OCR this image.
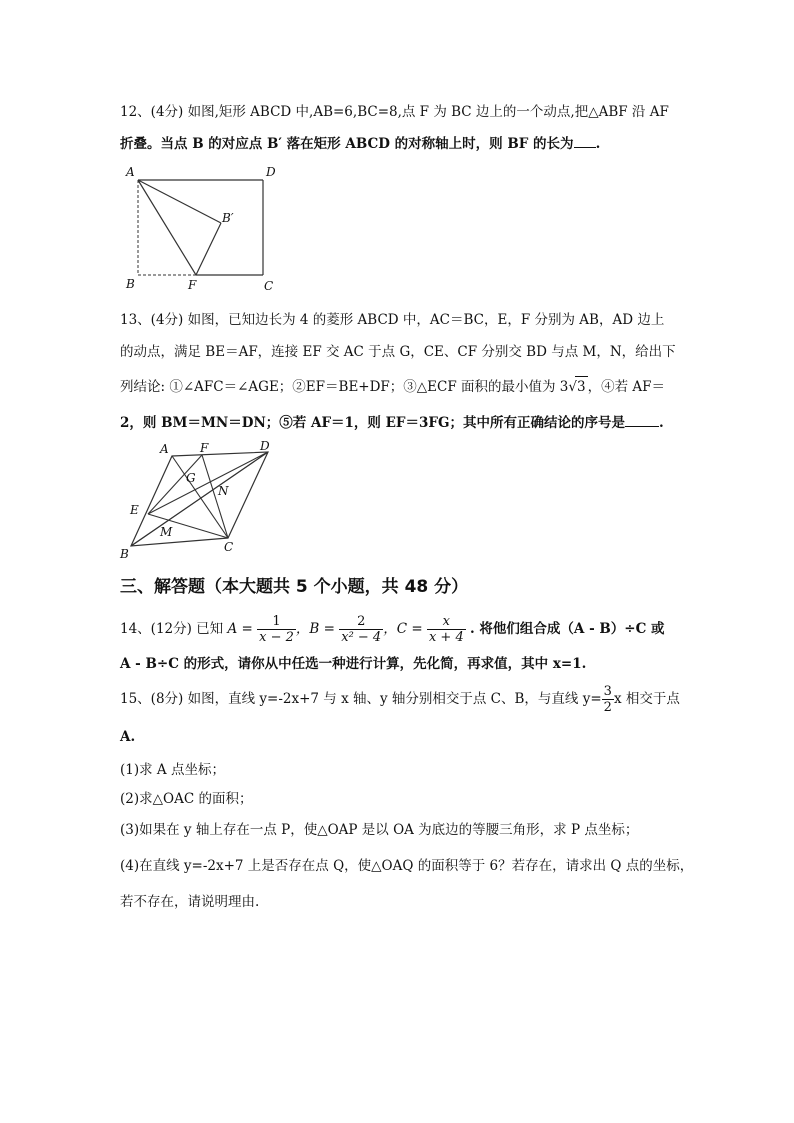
12、(4分) 如图,矩形 ABCD 中,AB=6,BC=8,点 F 为 BC 边上的一个动点,把△ABF 沿 AF
折叠。当点 B 的对应点 B′ 落在矩形 ABCD 的对称轴上时，则 BF 的长为 .
A	D
B′
B	F	C
13、(4分) 如图，已知边长为 4 的菱形 ABCD 中，AC＝BC，E，F 分别为 AB，AD 边上
的动点，满足 BE＝AF，连接 EF 交 AC 于点 G，CE、CF 分别交 BD 与点 M，N，给出下
列结论: ①∠AFC＝∠AGE；②EF＝BE+DF；③△ECF 面积的最小值为 3√3 ，④若 AF＝
2，则 BM＝MN＝DN；⑤若 AF＝1，则 EF＝3FG；其中所有正确结论的序号是	.
A	F	D
G
N
E
M
B	C
三、解答题（本大题共 5 个小题，共 48 分）
14、(12分) 已知 $A = \frac{1}{x - 2}$ ，$B = \frac{2}{\text{x² − 4}}$ ，$C = \frac{x}{x + 4}$ . 将他们组合成（A - B）÷C 或
A - B÷C 的形式，请你从中任选一种进行计算，先化简，再求值，其中 x=1.
15、(8分) 如图，直线 y=-2x+7 与 x 轴、y 轴分别相交于点 C、B，与直线 $y= \frac{3}{2}$ x 相交于点
A.
(1)求 A 点坐标；
(2)求△OAC 的面积；
(3)如果在 y 轴上存在一点 P，使△OAP 是以 OA 为底边的等腰三角形，求 P 点坐标；
(4)在直线 y=-2x+7 上是否存在点 Q，使△OAQ 的面积等于 6？若存在，请求出 Q 点的坐标，
若不存在，请说明理由.
